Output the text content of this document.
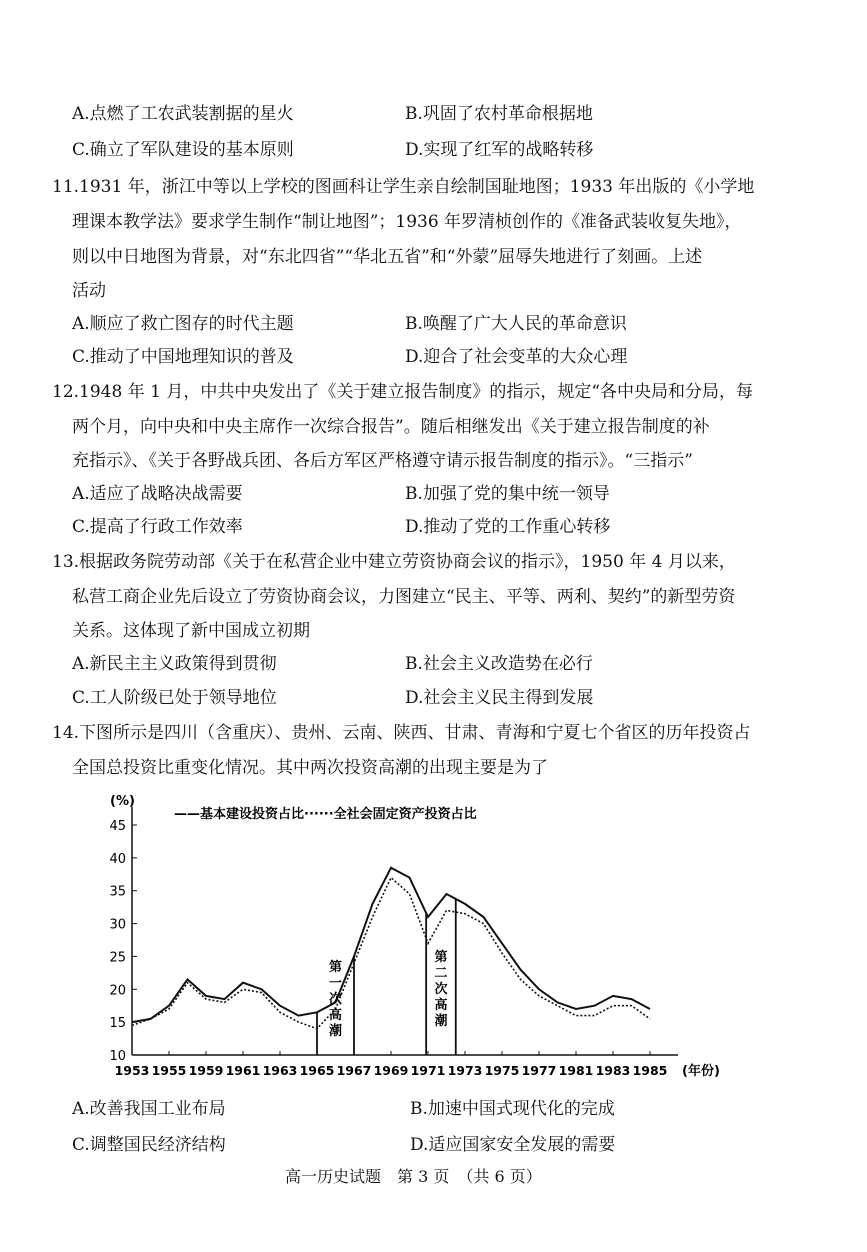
A.点燃了工农武装割据的星火	B.巩固了农村革命根据地
C.确立了军队建设的基本原则	D.实现了红军的战略转移
11.1931 年，浙江中等以上学校的图画科让学生亲自绘制国耻地图；1933 年出版的《小学地
理课本教学法》要求学生制作“制让地图”；1936 年罗清桢创作的《准备武装收复失地》，
则以中日地图为背景，对“东北四省”“华北五省”和“外蒙”屈辱失地进行了刻画。上述
活动
A.顺应了救亡图存的时代主题	B.唤醒了广大人民的革命意识
C.推动了中国地理知识的普及	D.迎合了社会变革的大众心理
12.1948 年 1 月，中共中央发出了《关于建立报告制度》的指示，规定“各中央局和分局，每
两个月，向中央和中央主席作一次综合报告”。随后相继发出《关于建立报告制度的补
充指示》、《关于各野战兵团、各后方军区严格遵守请示报告制度的指示》。“三指示”
A.适应了战略决战需要	B.加强了党的集中统一领导
C.提高了行政工作效率	D.推动了党的工作重心转移
13.根据政务院劳动部《关于在私营企业中建立劳资协商会议的指示》，1950 年 4 月以来，
私营工商企业先后设立了劳资协商会议，力图建立“民主、平等、两利、契约”的新型劳资
关系。这体现了新中国成立初期
A.新民主主义政策得到贯彻	B.社会主义改造势在必行
C.工人阶级已处于领导地位	D.社会主义民主得到发展
14.下图所示是四川（含重庆）、贵州、云南、陕西、甘肃、青海和宁夏七个省区的历年投资占
全国总投资比重变化情况。其中两次投资高潮的出现主要是为了
10
15
20
25
30
35
40
45
1953 1955 1959 1961 1963 1965 1967 1969 1971 1973 1975 1977 1981 1983 1985
(%)
(年份)
——基本建设投资占比······全社会固定资产投资占比
第一次高潮
第二次高潮
A.改善我国工业布局	B.加速中国式现代化的完成
C.调整国民经济结构	D.适应国家安全发展的需要
高一历史试题　第 3 页　（共 6 页）
